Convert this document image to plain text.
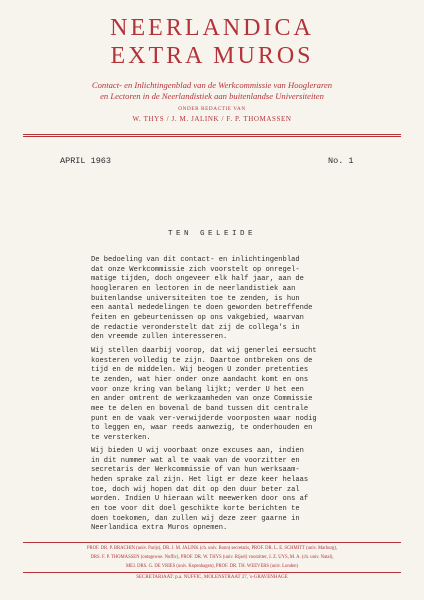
NEERLANDICA
EXTRA MUROS
Contact- en Inlichtingenblad van de Werkcommissie van Hoogleraren
en Lectoren in de Neerlandistiek aan buitenlandse Universiteiten
ONDER REDACTIE VAN
W. THYS / J. M. JALINK / F. P. THOMASSEN
APRIL 1963	No. 1
TEN GELEIDE
De bedoeling van dit contact- en inlichtingenblad
dat onze Werkcommissie zich voorstelt op onregel-
matige tijden, doch ongeveer elk half jaar, aan de
hoogleraren en lectoren in de neerlandistiek aan
buitenlandse universiteiten toe te zenden, is hun
een aantal mededelingen te doen geworden betreffende
feiten en gebeurtenissen op ons vakgebied, waarvan
de redactie veronderstelt dat zij de collega's in
den vreemde zullen interesseren.
Wij stellen daarbij voorop, dat wij generlei eersucht
koesteren volledig te zijn. Daartoe ontbreken ons de
tijd en de middelen. Wij beogen U zonder pretenties
te zenden, wat hier onder onze aandacht komt en ons
voor onze kring van belang lijkt; verder U het een
en ander omtrent de werkzaamheden van onze Commissie
mee te delen en bovenal de band tussen dit centrale
punt en de vaak ver-verwijderde voorposten waar nodig
to leggen en, waar reeds aanwezig, te onderhouden en
te versterken.
Wij bieden U wij voorbaat onze excuses aan, indien
in dit nummer wat al te vaak van de voorzitter en
secretaris der Werkcommissie of van hun werksaam-
heden sprake zal zijn. Het ligt er deze keer helaas
toe, doch wij hopen dat dit op den duur beter zal
worden. Indien U hieraan wilt meewerken door ons af
en toe voor dit doel geschikte korte berichten te
doen toekomen, dan zullen wij deze zeer gaarne in
Neerlandica extra Muros opnemen.
PROF. DR. P. BRACHIN (univ. Parijs), DR. J. M. JALINK (ch. univ. Bonn) secretaris, PROF. DR. L. E. SCHMITT (univ. Marburg),
DRS. F. P. THOMASSEN (ontsgewoe. Nuffic), PROF. DR. W. THYS (univ. Rijsel) voorzitter, J. Z. UYS, M. A. (ch. univ. Natal),
MEJ. DRS. G. DE VRIES (univ. Kopenhagen), PROF. DR. TH. WEEVERS (univ. Londen)
SECRETARIAAT: p.a. NUFFIC, MOLENSTRAAT 27, 's-GRAVENHAGE
